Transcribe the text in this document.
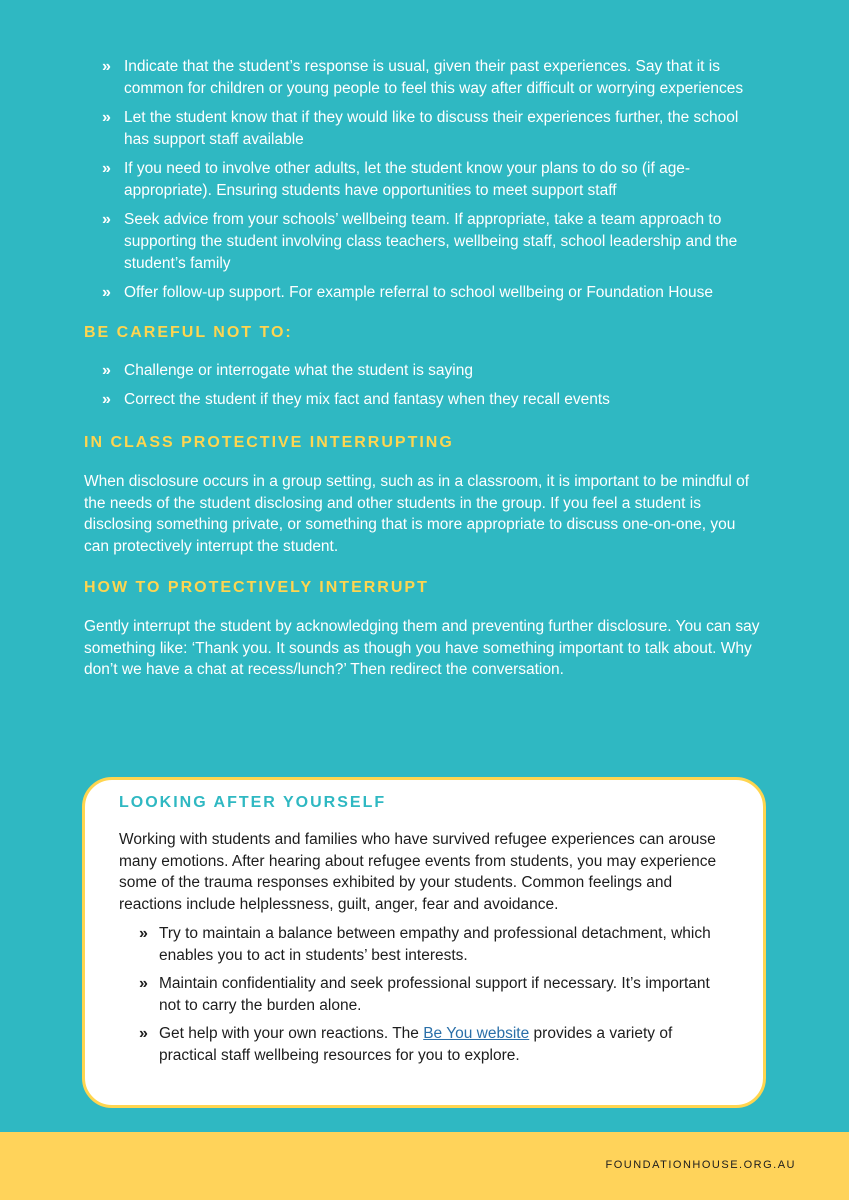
» Indicate that the student’s response is usual, given their past experiences. Say that it is common for children or young people to feel this way after difficult or worrying experiences
» Let the student know that if they would like to discuss their experiences further, the school has support staff available
» If you need to involve other adults, let the student know your plans to do so (if age-appropriate). Ensuring students have opportunities to meet support staff
» Seek advice from your schools’ wellbeing team. If appropriate, take a team approach to supporting the student involving class teachers, wellbeing staff, school leadership and the student’s family
» Offer follow-up support. For example referral to school wellbeing or Foundation House
BE CAREFUL NOT TO:
» Challenge or interrogate what the student is saying
» Correct the student if they mix fact and fantasy when they recall events
IN CLASS PROTECTIVE INTERRUPTING

When disclosure occurs in a group setting, such as in a classroom, it is important to be mindful of the needs of the student disclosing and other students in the group. If you feel a student is disclosing something private, or something that is more appropriate to discuss one-on-one, you can protectively interrupt the student.

HOW TO PROTECTIVELY INTERRUPT

Gently interrupt the student by acknowledging them and preventing further disclosure. You can say something like: ‘Thank you. It sounds as though you have something important to talk about. Why don’t we have a chat at recess/lunch?’ Then redirect the conversation.

LOOKING AFTER YOURSELF

Working with students and families who have survived refugee experiences can arouse many emotions. After hearing about refugee events from students, you may experience some of the trauma responses exhibited by your students. Common feelings and reactions include helplessness, guilt, anger, fear and avoidance.

» Try to maintain a balance between empathy and professional detachment, which enables you to act in students’ best interests.
» Maintain confidentiality and seek professional support if necessary. It’s important not to carry the burden alone.
» Get help with your own reactions. The Be You website provides a variety of practical staff wellbeing resources for you to explore.
FOUNDATIONHOUSE.ORG.AU
